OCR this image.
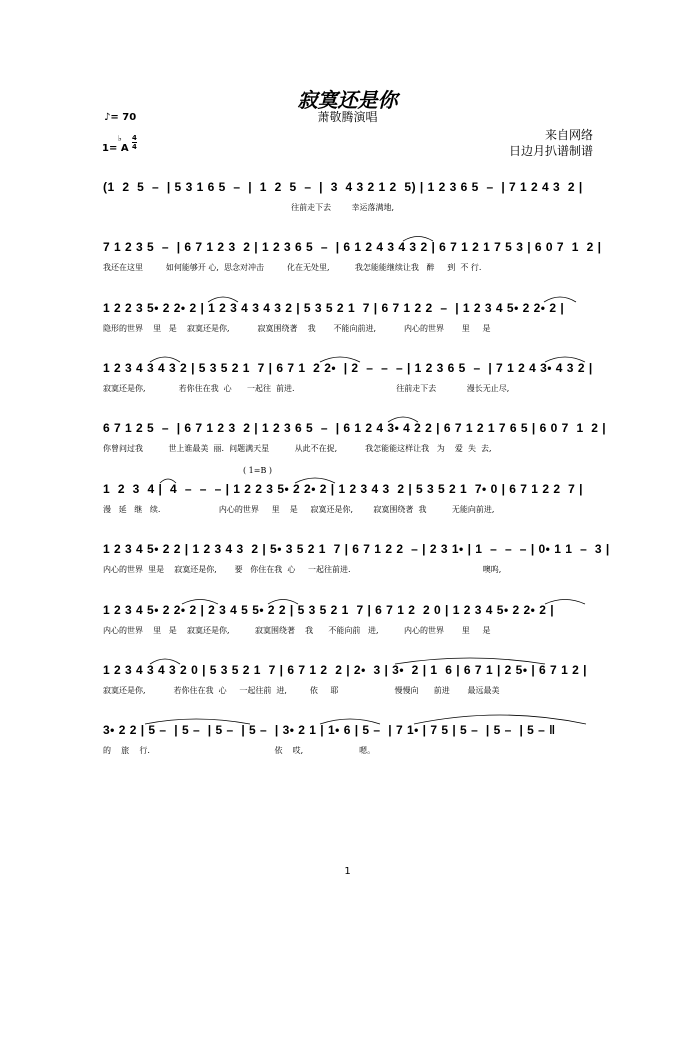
寂寞还是你
萧敬腾演唱
来自网络
日边月扒谱制谱
♪= 70
1= A
♭ 4
4
(1  2  5  –  | 5 3 1 6 5  –  |  1  2  5  –  |  3  4 3 2 1 2  5) | 1 2 3 6 5  –  | 7 1 2 4 3  2 |
往前走下去        幸运落满地,
7 1 2 3 5  –  | 6 7 1 2 3  2 | 1 2 3 6 5  –  | 6 1 2 4 3 4 3 2 | 6 7 1 2 1 7 5 3 | 6 0 7  1  2 |
我还在这里         如何能够开 心,  思念对冲击         化在无处里,          我怎能能继续让我   醉     到  不 行.
1 2 2 3 5• 2 2• 2 | 1 2 3 4 3 4 3 2 | 5 3 5 2 1  7 | 6 7 1 2 2  –  | 1 2 3 4 5• 2 2• 2 |
隐形的世界    里   是    寂寞还是你,           寂寞围绕著    我       不能向前进,           内心的世界       里     是
1 2 3 4 3 4 3 2 | 5 3 5 2 1  7 | 6 7 1  2 2•  | 2  –  –  – | 1 2 3 6 5  –  | 7 1 2 4 3• 4 3 2 |
寂寞还是你,             若你住在我  心      一起往  前进.                                        往前走下去            漫长无止尽,
6 7 1 2 5  –  | 6 7 1 2 3  2 | 1 2 3 6 5  –  | 6 1 2 4 3• 4 2 2 | 6 7 1 2 1 7 6 5 | 6 0 7  1  2 |
你曾问过我          世上谁最美  丽.  问题满天星          从此不在捉,           我怎能能这样让我   为    爱  失  去,
( 1=B )
1  2  3  4 |  4  –  –  – | 1 2 2 3 5• 2 2• 2 | 1 2 3 4 3  2 | 5 3 5 2 1  7• 0 | 6 7 1 2 2  7 |
漫   延   继   续.                       内心的世界     里    是     寂寞还是你,        寂寞围绕著  我          无能向前进,
1 2 3 4 5• 2 2 | 1 2 3 4 3  2 | 5• 3 5 2 1  7 | 6 7 1 2 2  – | 2 3 1• | 1  –  –  – | 0• 1 1  –  3 |
内心的世界  里是    寂寞还是你,       要   你住在我  心     一起往前进.                                                    噢呜,
1 2 3 4 5• 2 2• 2 | 2 3 4 5 5• 2 2 | 5 3 5 2 1  7 | 6 7 1 2  2 0 | 1 2 3 4 5• 2 2• 2 |
内心的世界    里   是    寂寞还是你,          寂寞围绕著    我      不能向前   进,          内心的世界       里     是
1 2 3 4 3 4 3 2 0 | 5 3 5 2 1  7 | 6 7 1 2  2 | 2•  3 | 3•  2 | 1  6 | 6 7 1 | 2 5• | 6 7 1 2 |
寂寞还是你,           若你住在我  心     一起往前  进,         依     耶                      慢慢向      前进       最远最美
3• 2 2 | 5 –  | 5 –  | 5 –  | 5 –  | 3• 2 1 | 1• 6 | 5 –  | 7 1• | 7 5 | 5 –  | 5 –  | 5 – ‖
的    旅    行.                                                 依    哎,                      嗯。
1
